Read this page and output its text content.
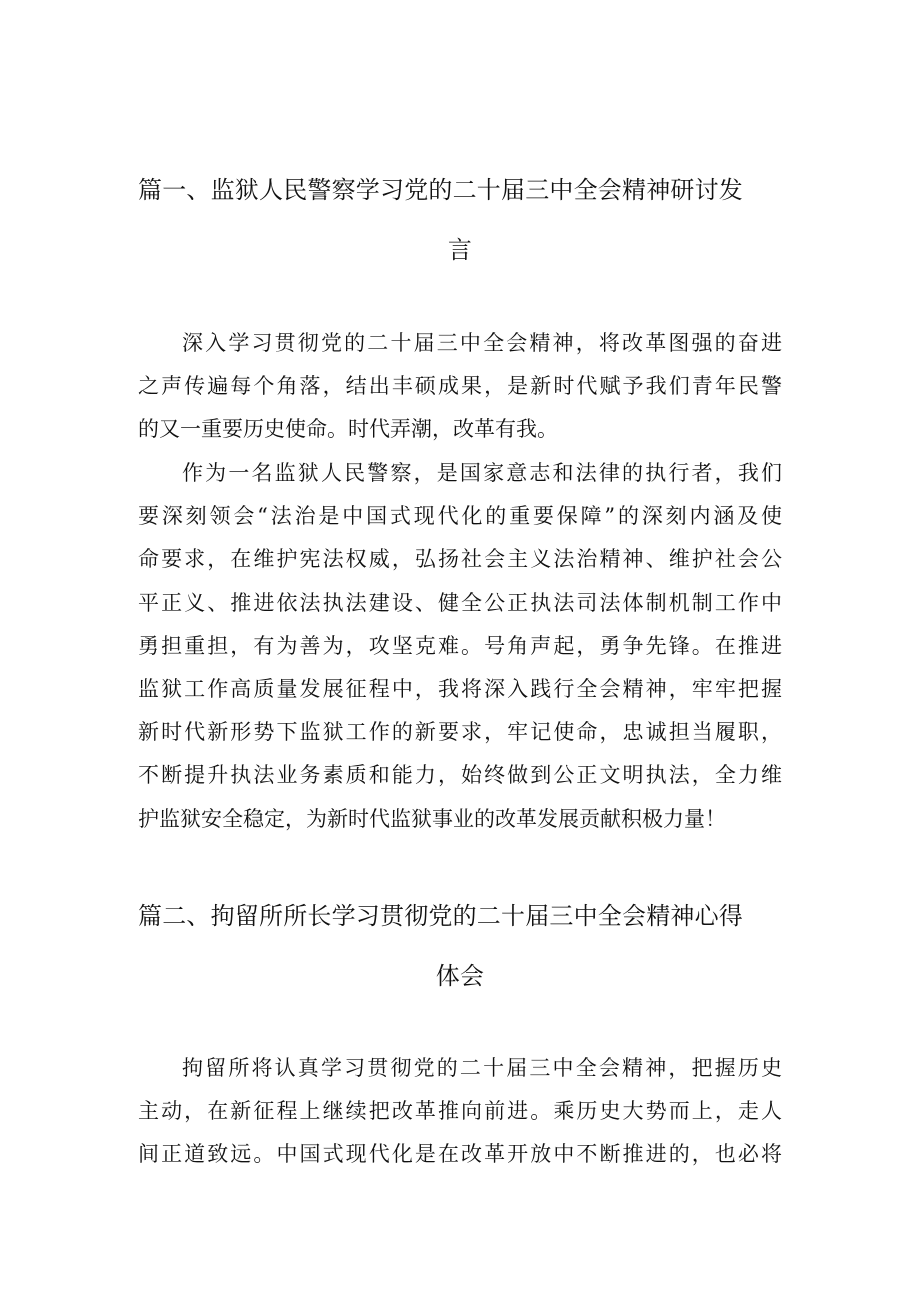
篇一、监狱人民警察学习党的二十届三中全会精神研讨发
言

深入学习贯彻党的二十届三中全会精神，将改革图强的奋进
之声传遍每个角落，结出丰硕成果，是新时代赋予我们青年民警
的又一重要历史使命。时代弄潮，改革有我。

作为一名监狱人民警察，是国家意志和法律的执行者，我们
要深刻领会“法治是中国式现代化的重要保障”的深刻内涵及使
命要求，在维护宪法权威，弘扬社会主义法治精神、维护社会公
平正义、推进依法执法建设、健全公正执法司法体制机制工作中
勇担重担，有为善为，攻坚克难。号角声起，勇争先锋。在推进
监狱工作高质量发展征程中，我将深入践行全会精神，牢牢把握
新时代新形势下监狱工作的新要求，牢记使命，忠诚担当履职，
不断提升执法业务素质和能力，始终做到公正文明执法，全力维
护监狱安全稳定，为新时代监狱事业的改革发展贡献积极力量！

篇二、拘留所所长学习贯彻党的二十届三中全会精神心得
体会

拘留所将认真学习贯彻党的二十届三中全会精神，把握历史
主动，在新征程上继续把改革推向前进。乘历史大势而上，走人
间正道致远。中国式现代化是在改革开放中不断推进的，也必将
